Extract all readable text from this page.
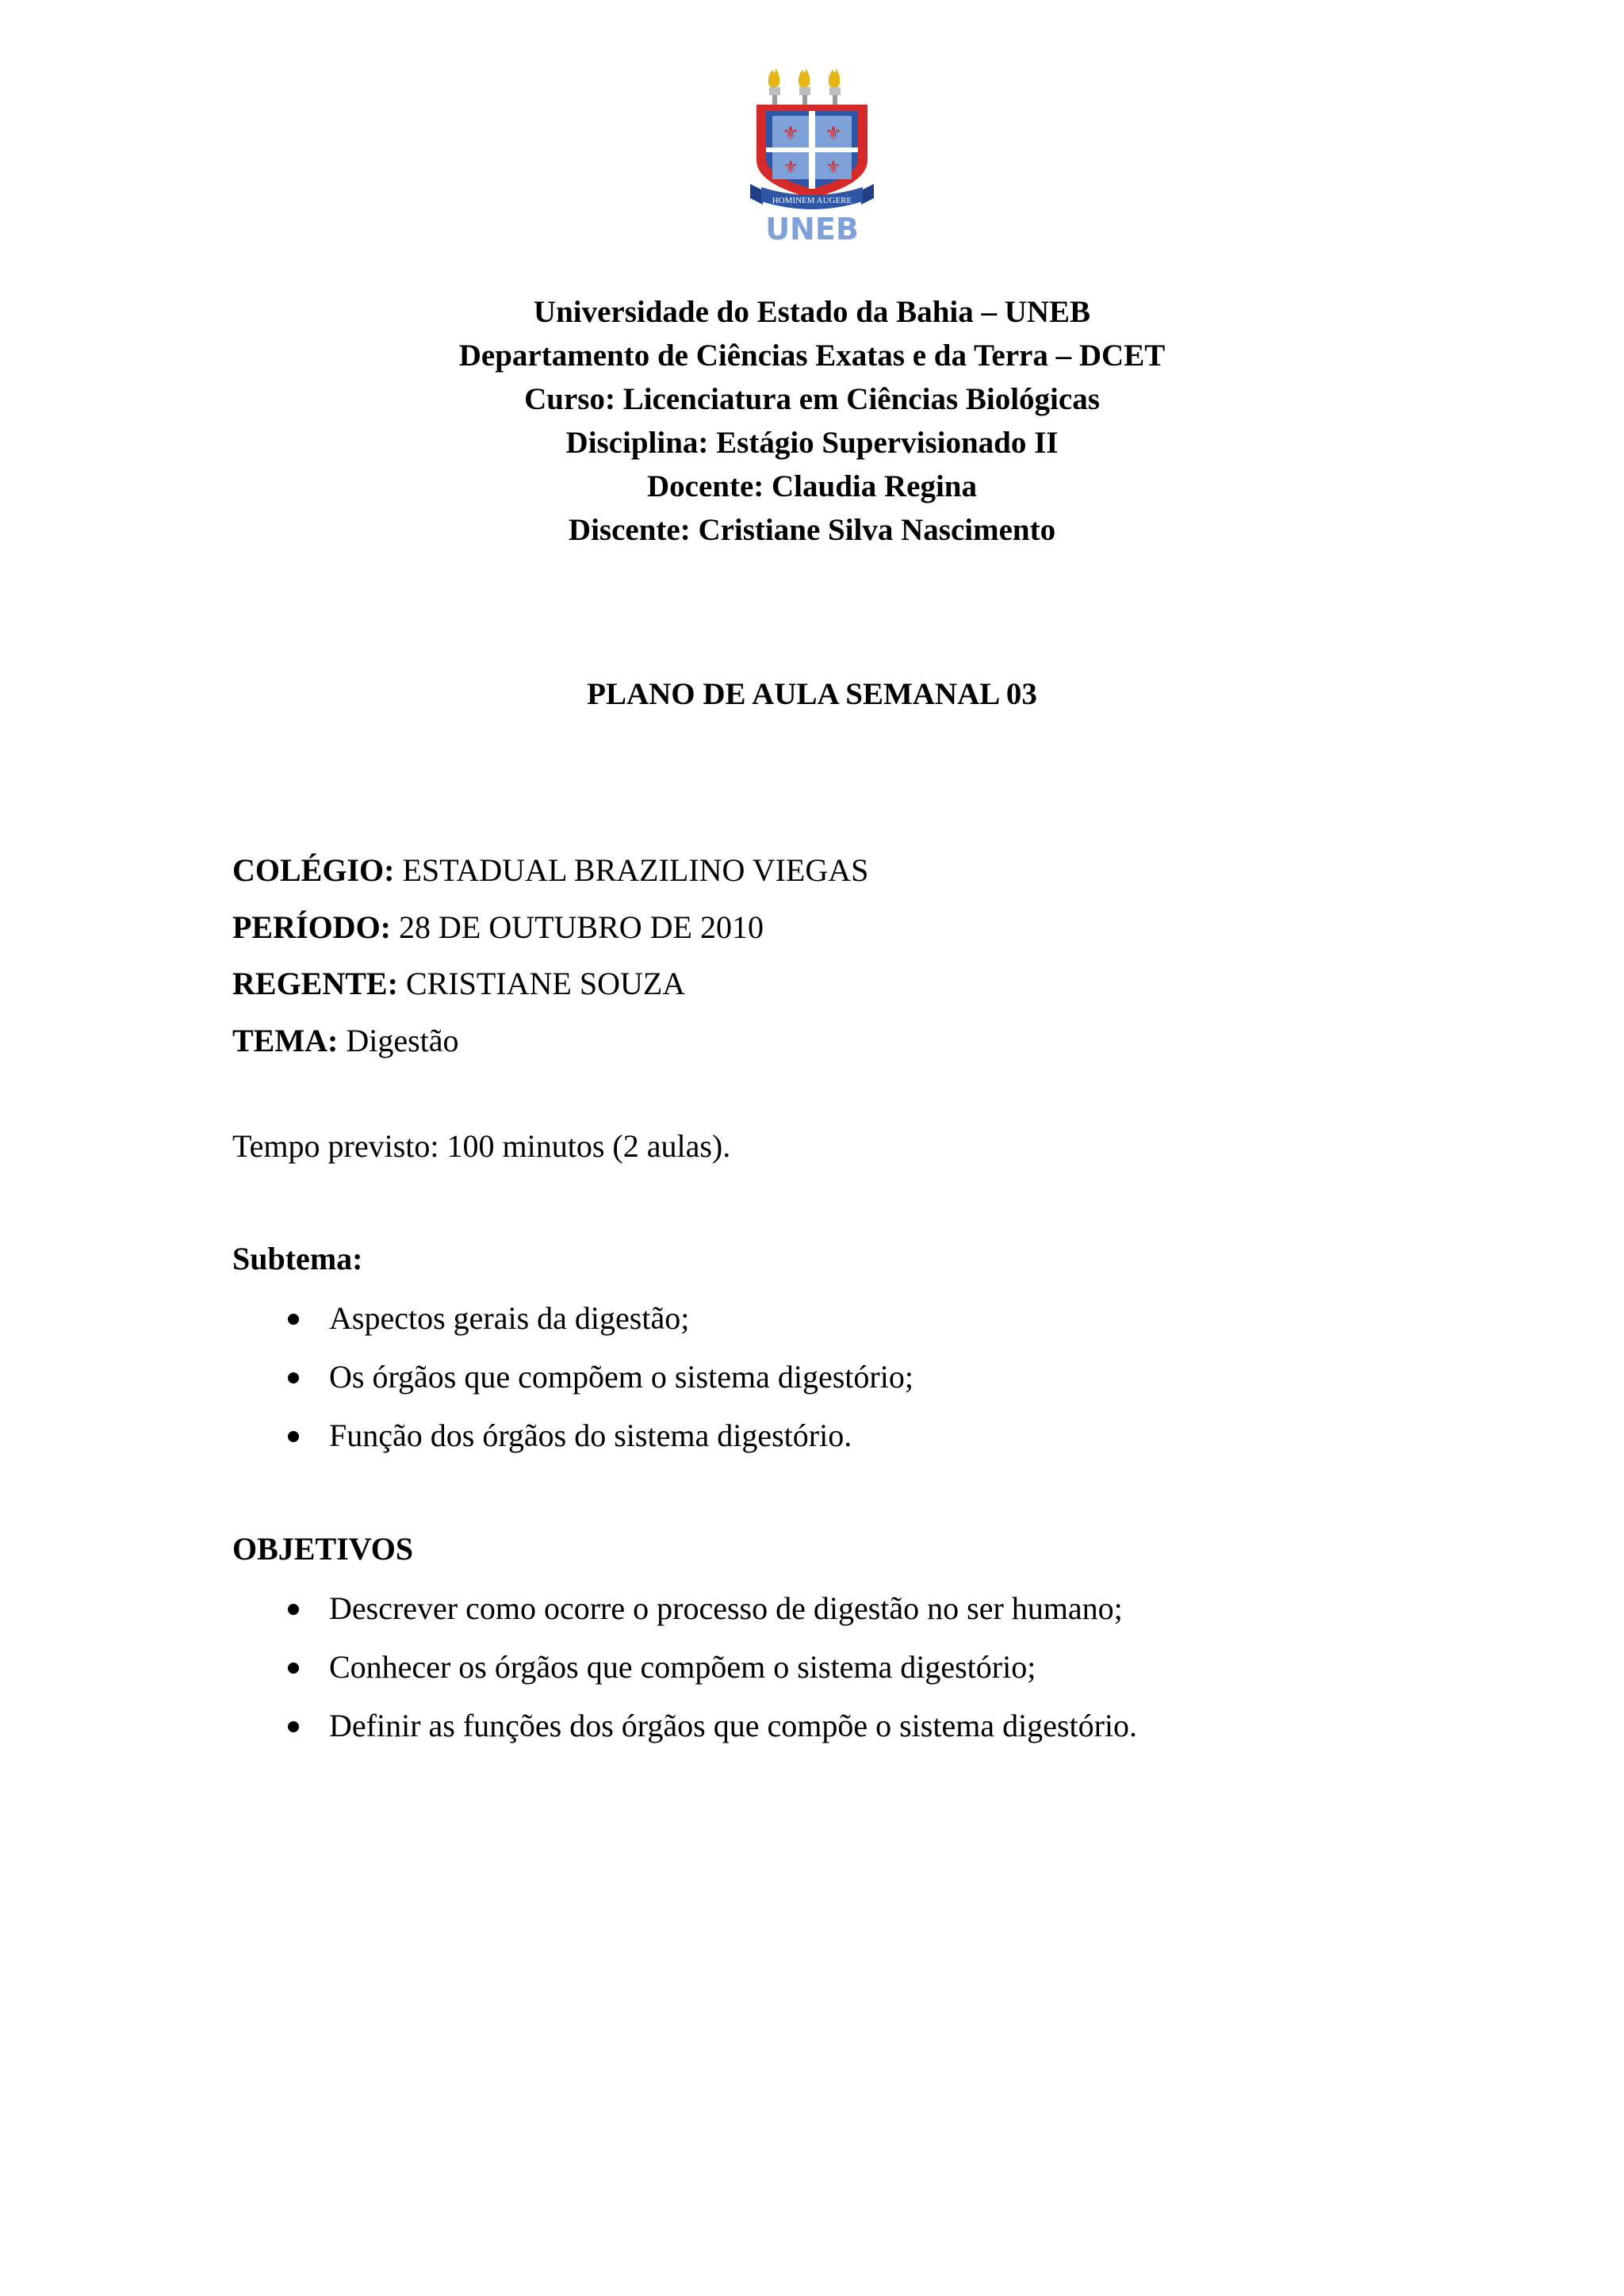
⚜ ⚜
⚜ ⚜
HOMINEM AUGERE
UNEB
Universidade do Estado da Bahia – UNEB
Departamento de Ciências Exatas e da Terra – DCET
Curso: Licenciatura em Ciências Biológicas
Disciplina: Estágio Supervisionado II
Docente: Claudia Regina
Discente: Cristiane Silva Nascimento
PLANO DE AULA SEMANAL 03
COLÉGIO: ESTADUAL BRAZILINO VIEGAS
PERÍODO: 28 DE OUTUBRO DE 2010
REGENTE: CRISTIANE SOUZA
TEMA: Digestão
Tempo previsto: 100 minutos (2 aulas).
Subtema:
Aspectos gerais da digestão;
Os órgãos que compõem o sistema digestório;
Função dos órgãos do sistema digestório.
OBJETIVOS
Descrever como ocorre o processo de digestão no ser humano;
Conhecer os órgãos que compõem o sistema digestório;
Definir as funções dos órgãos que compõe o sistema digestório.
